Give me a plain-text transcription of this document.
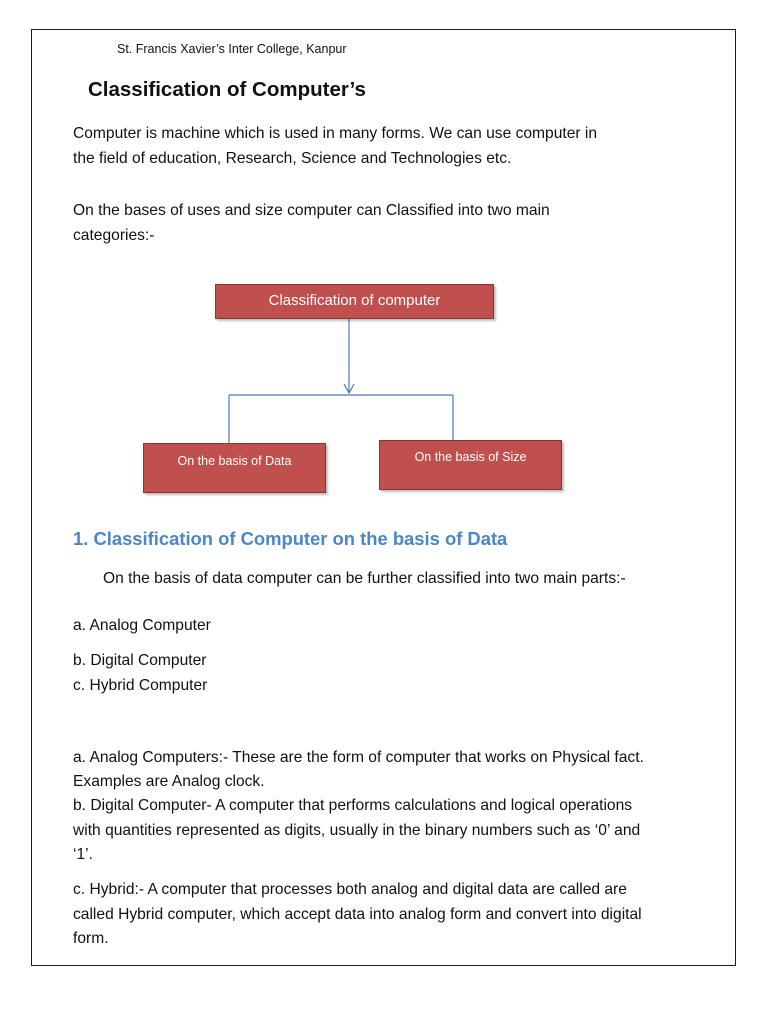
St. Francis Xavier’s Inter College, Kanpur

Classification of Computer’s

Computer is machine which is used in many forms. We can use computer in

the field of education, Research, Science and Technologies etc.

On the bases of uses and size computer can Classified into two main

categories:-

Classification of computer
On the basis of Data	On the basis of Size
1. Classification of Computer on the basis of Data

On the basis of data computer can be further classified into two main parts:-

a. Analog Computer

b. Digital Computer

c. Hybrid Computer

a. Analog Computers:- These are the form of computer that works on Physical fact.

Examples are Analog clock.

b. Digital Computer- A computer that performs calculations and logical operations

with quantities represented as digits, usually in the binary numbers such as ‘0’ and

‘1’.

c. Hybrid:- A computer that processes both analog and digital data are called are

called Hybrid computer, which accept data into analog form and convert into digital

form.
